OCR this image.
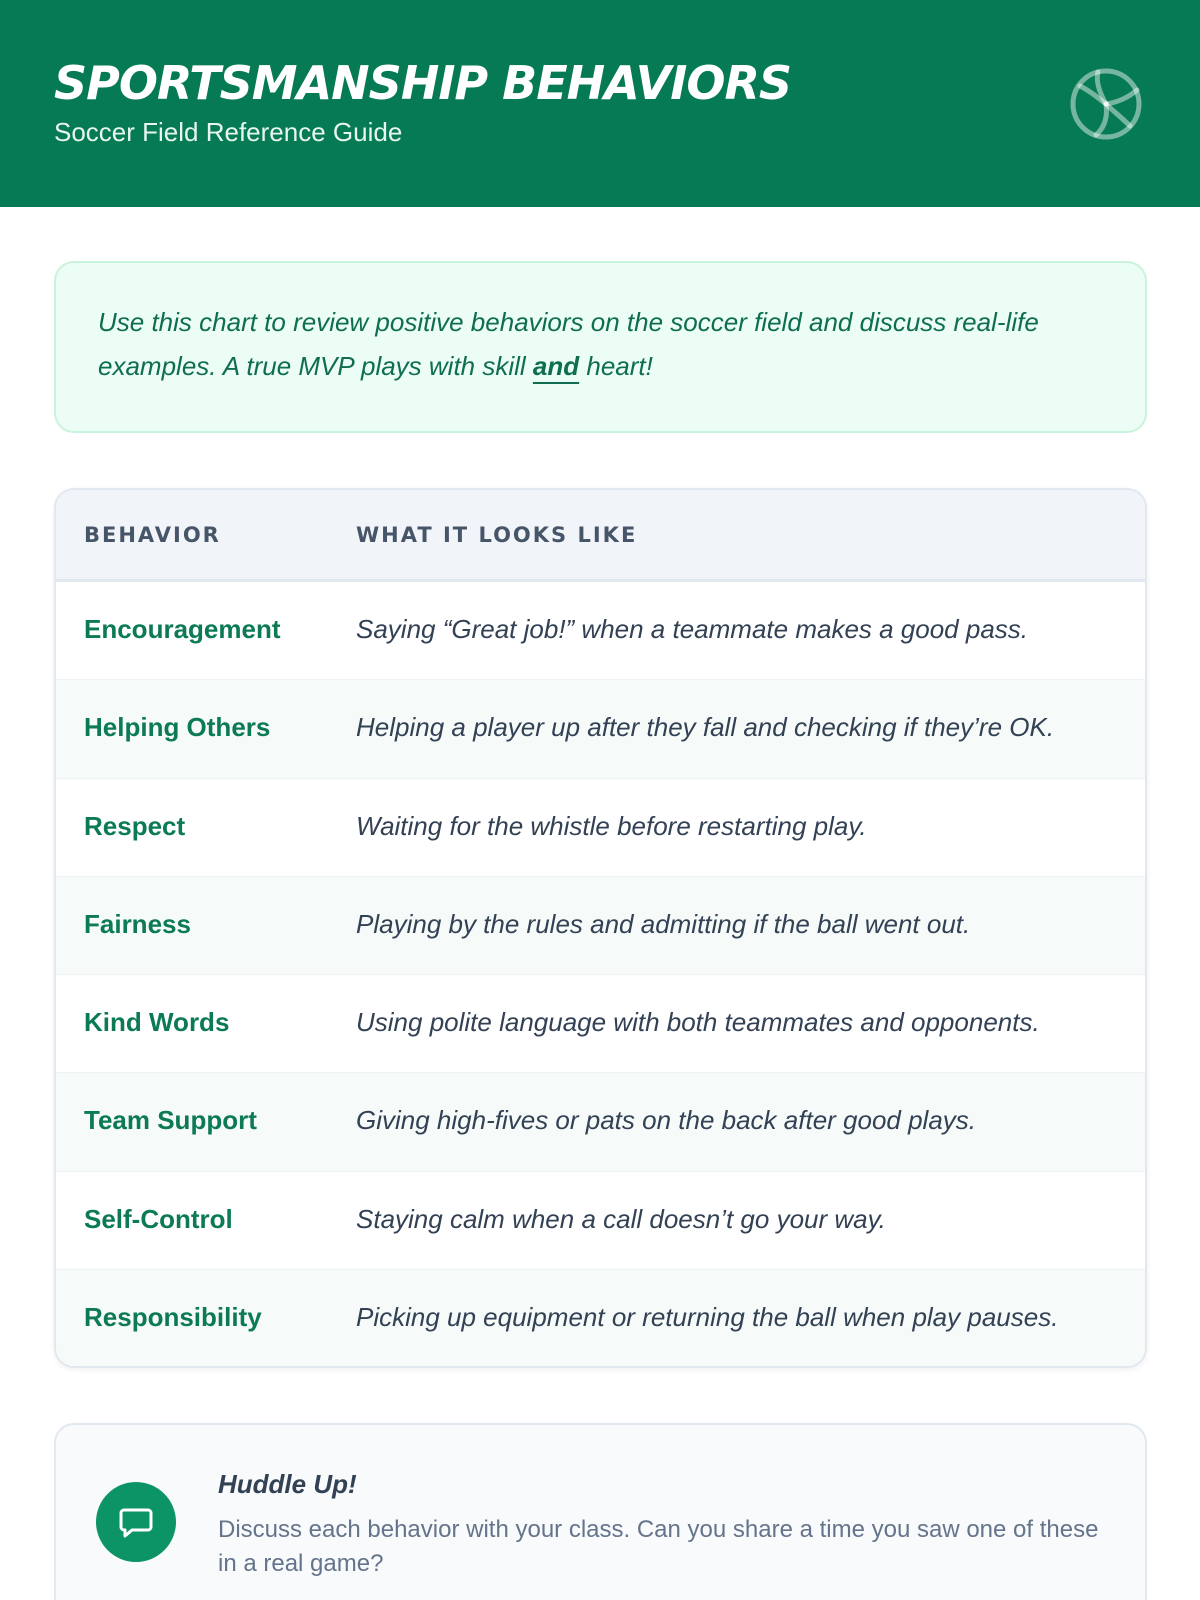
SPORTSMANSHIP BEHAVIORS
Soccer Field Reference Guide

Use this chart to review positive behaviors on the soccer field and discuss real-life examples. A true MVP plays with skill and heart!

BEHAVIOR	WHAT IT LOOKS LIKE
Encouragement	Saying “Great job!” when a teammate makes a good pass.
Helping Others	Helping a player up after they fall and checking if they’re OK.
Respect	Waiting for the whistle before restarting play.
Fairness	Playing by the rules and admitting if the ball went out.
Kind Words	Using polite language with both teammates and opponents.
Team Support	Giving high-fives or pats on the back after good plays.
Self-Control	Staying calm when a call doesn’t go your way.
Responsibility	Picking up equipment or returning the ball when play pauses.
Huddle Up!
Discuss each behavior with your class. Can you share a time you saw one of these in a real game?
